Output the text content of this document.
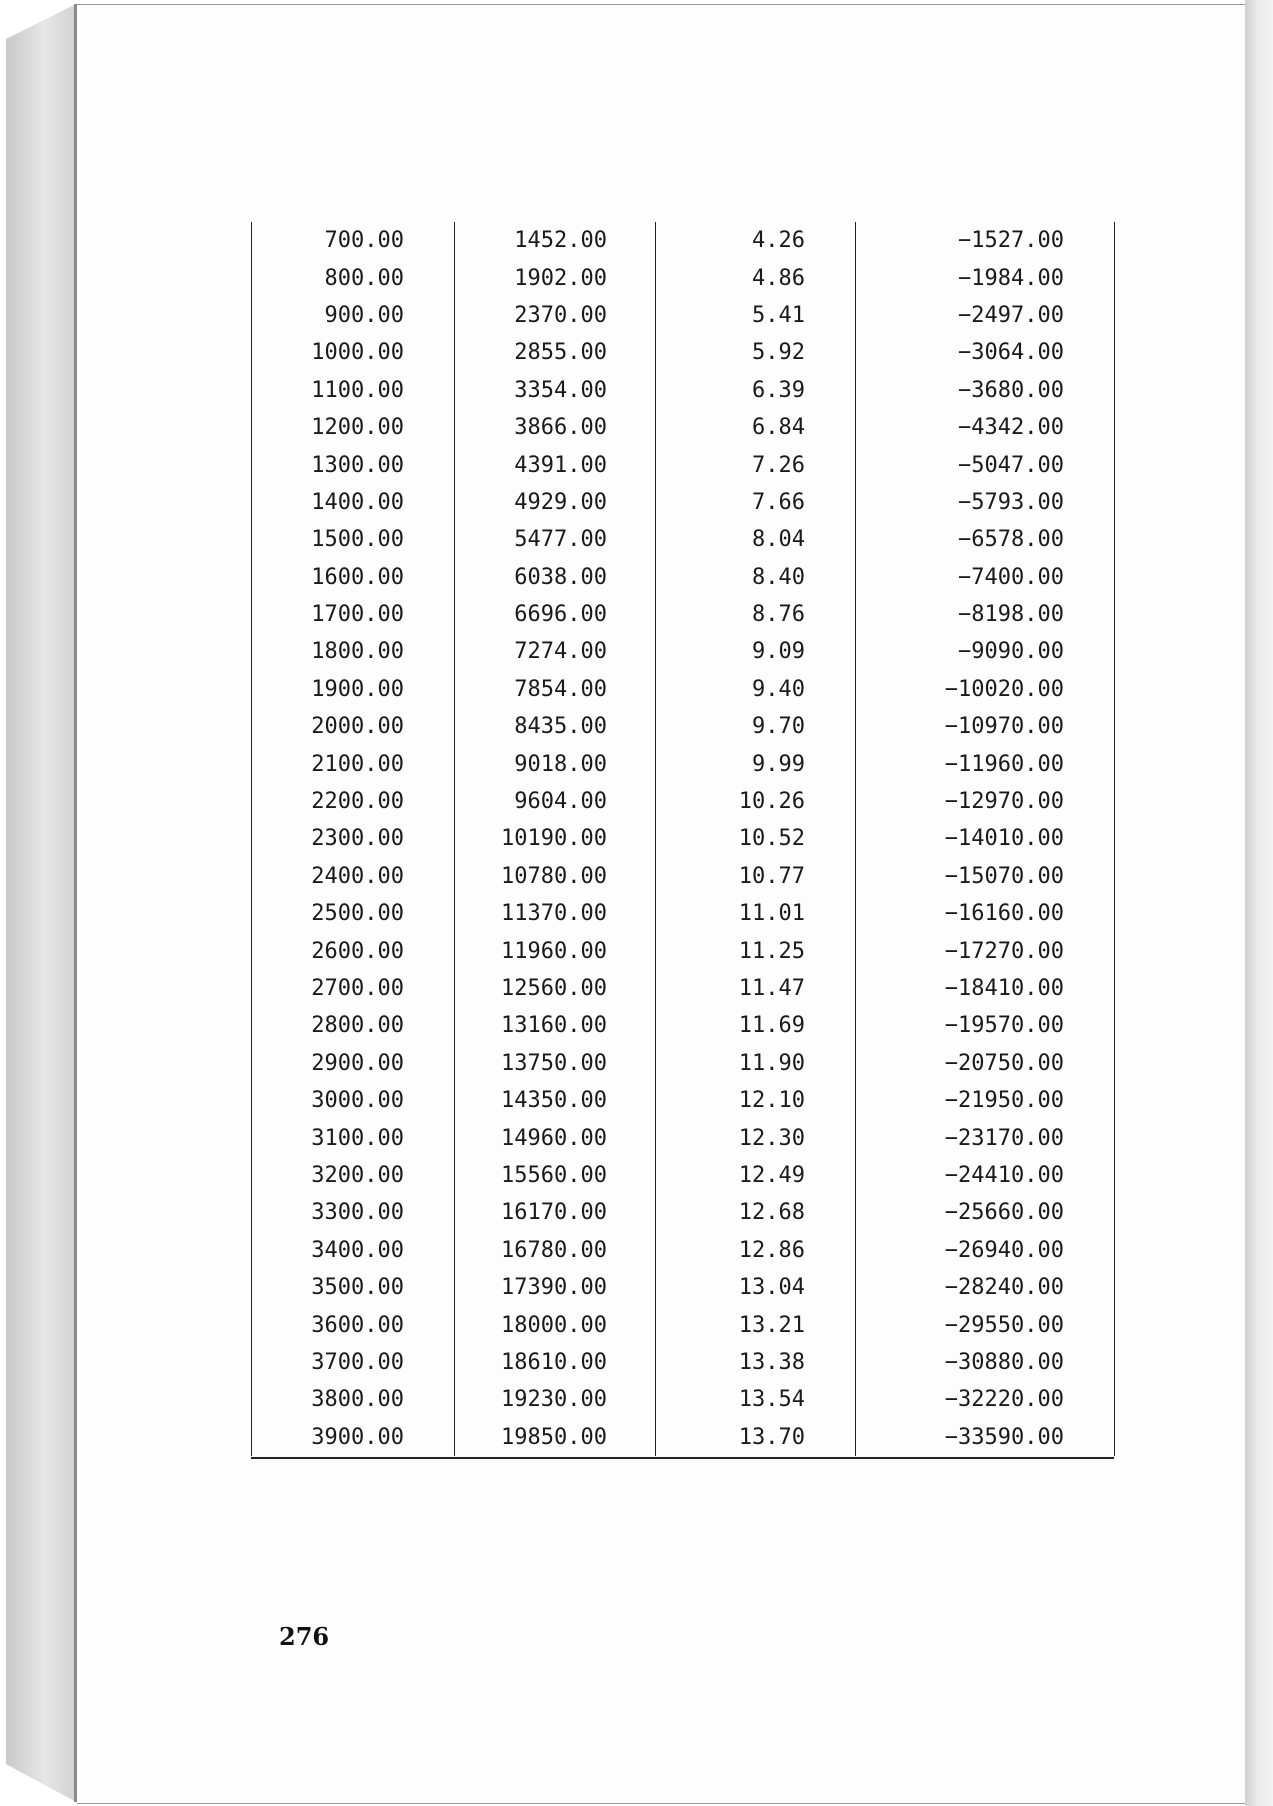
700.00	1452.00	4.26	−1527.00
800.00	1902.00	4.86	−1984.00
900.00	2370.00	5.41	−2497.00
1000.00	2855.00	5.92	−3064.00
1100.00	3354.00	6.39	−3680.00
1200.00	3866.00	6.84	−4342.00
1300.00	4391.00	7.26	−5047.00
1400.00	4929.00	7.66	−5793.00
1500.00	5477.00	8.04	−6578.00
1600.00	6038.00	8.40	−7400.00
1700.00	6696.00	8.76	−8198.00
1800.00	7274.00	9.09	−9090.00
1900.00	7854.00	9.40	−10020.00
2000.00	8435.00	9.70	−10970.00
2100.00	9018.00	9.99	−11960.00
2200.00	9604.00	10.26	−12970.00
2300.00	10190.00	10.52	−14010.00
2400.00	10780.00	10.77	−15070.00
2500.00	11370.00	11.01	−16160.00
2600.00	11960.00	11.25	−17270.00
2700.00	12560.00	11.47	−18410.00
2800.00	13160.00	11.69	−19570.00
2900.00	13750.00	11.90	−20750.00
3000.00	14350.00	12.10	−21950.00
3100.00	14960.00	12.30	−23170.00
3200.00	15560.00	12.49	−24410.00
3300.00	16170.00	12.68	−25660.00
3400.00	16780.00	12.86	−26940.00
3500.00	17390.00	13.04	−28240.00
3600.00	18000.00	13.21	−29550.00
3700.00	18610.00	13.38	−30880.00
3800.00	19230.00	13.54	−32220.00
3900.00	19850.00	13.70	−33590.00
276
